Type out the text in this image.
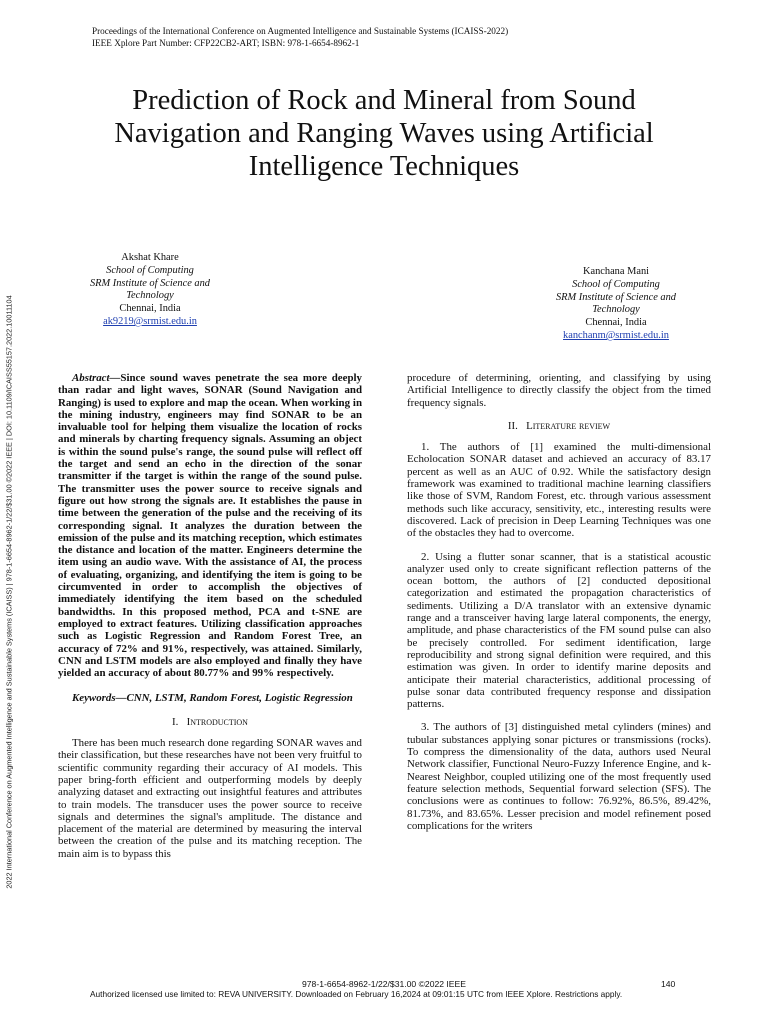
Proceedings of the International Conference on Augmented Intelligence and Sustainable Systems (ICAISS-2022)
IEEE Xplore Part Number: CFP22CB2-ART; ISBN: 978-1-6654-8962-1
Prediction of Rock and Mineral from Sound
Navigation and Ranging Waves using Artificial
Intelligence Techniques
Akshat Khare
School of Computing
SRM Institute of Science and
Technology
Chennai, India
ak9219@srmist.edu.in
Kanchana Mani
School of Computing
SRM Institute of Science and
Technology
Chennai, India
kanchanm@srmist.edu.in
2022 International Conference on Augmented Intelligence and Sustainable Systems (ICAISS) | 978-1-6654-8962-1/22/$31.00 ©2022 IEEE | DOI: 10.1109/ICAISS55157.2022.10011104	Abstract—Since sound waves penetrate the sea more deeply than radar and light waves, SONAR (Sound Navigation and Ranging) is used to explore and map the ocean. When working in the mining industry, engineers may find SONAR to be an invaluable tool for helping them visualize the location of rocks and minerals by charting frequency signals. Assuming an object is within the sound pulse's range, the sound pulse will reflect off the target and send an echo in the direction of the sonar transmitter if the target is within the range of the sound pulse. The transmitter uses the power source to receive signals and figure out how strong the signals are. It establishes the pause in time between the generation of the pulse and the receiving of its corresponding signal. It analyzes the duration between the emission of the pulse and its matching reception, which estimates the distance and location of the matter. Engineers determine the item using an audio wave. With the assistance of AI, the process of evaluating, organizing, and identifying the item is going to be circumvented in order to accomplish the objectives of immediately identifying the item based on the scheduled bandwidths. In this proposed method, PCA and t-SNE are employed to extract features. Utilizing classification approaches such as Logistic Regression and Random Forest Tree, an accuracy of 72% and 91%, respectively, was attained. Similarly, CNN and LSTM models are also employed and finally they have yielded an accuracy of about 80.77% and 99% respectively.

Keywords—CNN, LSTM, Random Forest, Logistic Regression

I. Introduction

There has been much research done regarding SONAR waves and their classification, but these researches have not been very fruitful to scientific community regarding their accuracy of AI models. This paper bring-forth efficient and outperforming models by deeply analyzing dataset and extracting out insightful features and attributes to train models. The transducer uses the power source to receive signals and determines the signal's amplitude. The distance and placement of the material are determined by measuring the interval between the creation of the pulse and its matching reception. The main aim is to bypass this

procedure of determining, orienting, and classifying by using Artificial Intelligence to directly classify the object from the timed frequency signals.

II. Literature review

1. The authors of [1] examined the multi-dimensional Echolocation SONAR dataset and achieved an accuracy of 83.17 percent as well as an AUC of 0.92. While the satisfactory design framework was examined to traditional machine learning classifiers like those of SVM, Random Forest, etc. through various assessment methods such like accuracy, sensitivity, etc., interesting results were discovered. Lack of precision in Deep Learning Techniques was one of the obstacles they had to overcome.

2. Using a flutter sonar scanner, that is a statistical acoustic analyzer used only to create significant reflection patterns of the ocean bottom, the authors of [2] conducted depositional categorization and estimated the propagation characteristics of sediments. Utilizing a D/A translator with an extensive dynamic range and a transceiver having large lateral components, the energy, amplitude, and phase characteristics of the FM sound pulse can also be precisely controlled. For sediment identification, large reproducibility and strong signal definition were required, and this estimation was given. In order to identify marine deposits and anticipate their material characteristics, additional processing of pulse sonar data contributed frequency response and dissipation patterns.

3. The authors of [3] distinguished metal cylinders (mines) and tubular substances applying sonar pictures or transmissions (rocks). To compress the dimensionality of the data, authors used Neural Network classifier, Functional Neuro-Fuzzy Inference Engine, and k-Nearest Neighbor, coupled utilizing one of the most frequently used feature selection methods, Sequential forward selection (SFS). The conclusions were as continues to follow: 76.92%, 86.5%, 89.42%, 81.73%, and 83.65%. Lesser precision and model refinement posed complications for the writers

978-1-6654-8962-1/22/$31.00 ©2022 IEEE	140
Authorized licensed use limited to: REVA UNIVERSITY. Downloaded on February 16,2024 at 09:01:15 UTC from IEEE Xplore. Restrictions apply.
